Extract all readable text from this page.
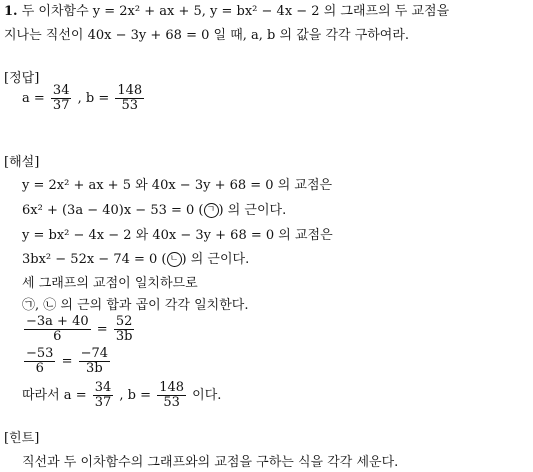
1. 두 이차함수 y = 2x² + ax + 5, y = bx² − 4x − 2 의 그래프의 두 교점을
지나는 직선이 40x − 3y + 68 = 0 일 때, a, b 의 값을 각각 구하여라.
[정답]
$a = \frac{34}{37}$ , $b = \frac{148}{53}$
[해설]
y = 2x² + ax + 5 와 40x − 3y + 68 = 0 의 교점은
6x² + (3a − 40)x − 53 = 0 ( ㄱ ) 의 근이다.
y = bx² − 4x − 2 와 40x − 3y + 68 = 0 의 교점은
3bx² − 52x − 74 = 0 ( ㄴ ) 의 근이다.
세 그래프의 교점이 일치하므로
㉠, ㉡ 의 근의 합과 곱이 각각 일치한다.
$\frac{-3a + 40}{6} = \frac{52}{3b}$
$\frac{-53}{6} = \frac{-74}{3b}$
따라서 $a = \frac{34}{37}$ , $b = \frac{148}{53}$ 이다.
[힌트]
직선과 두 이차함수의 그래프와의 교점을 구하는 식을 각각 세운다.
